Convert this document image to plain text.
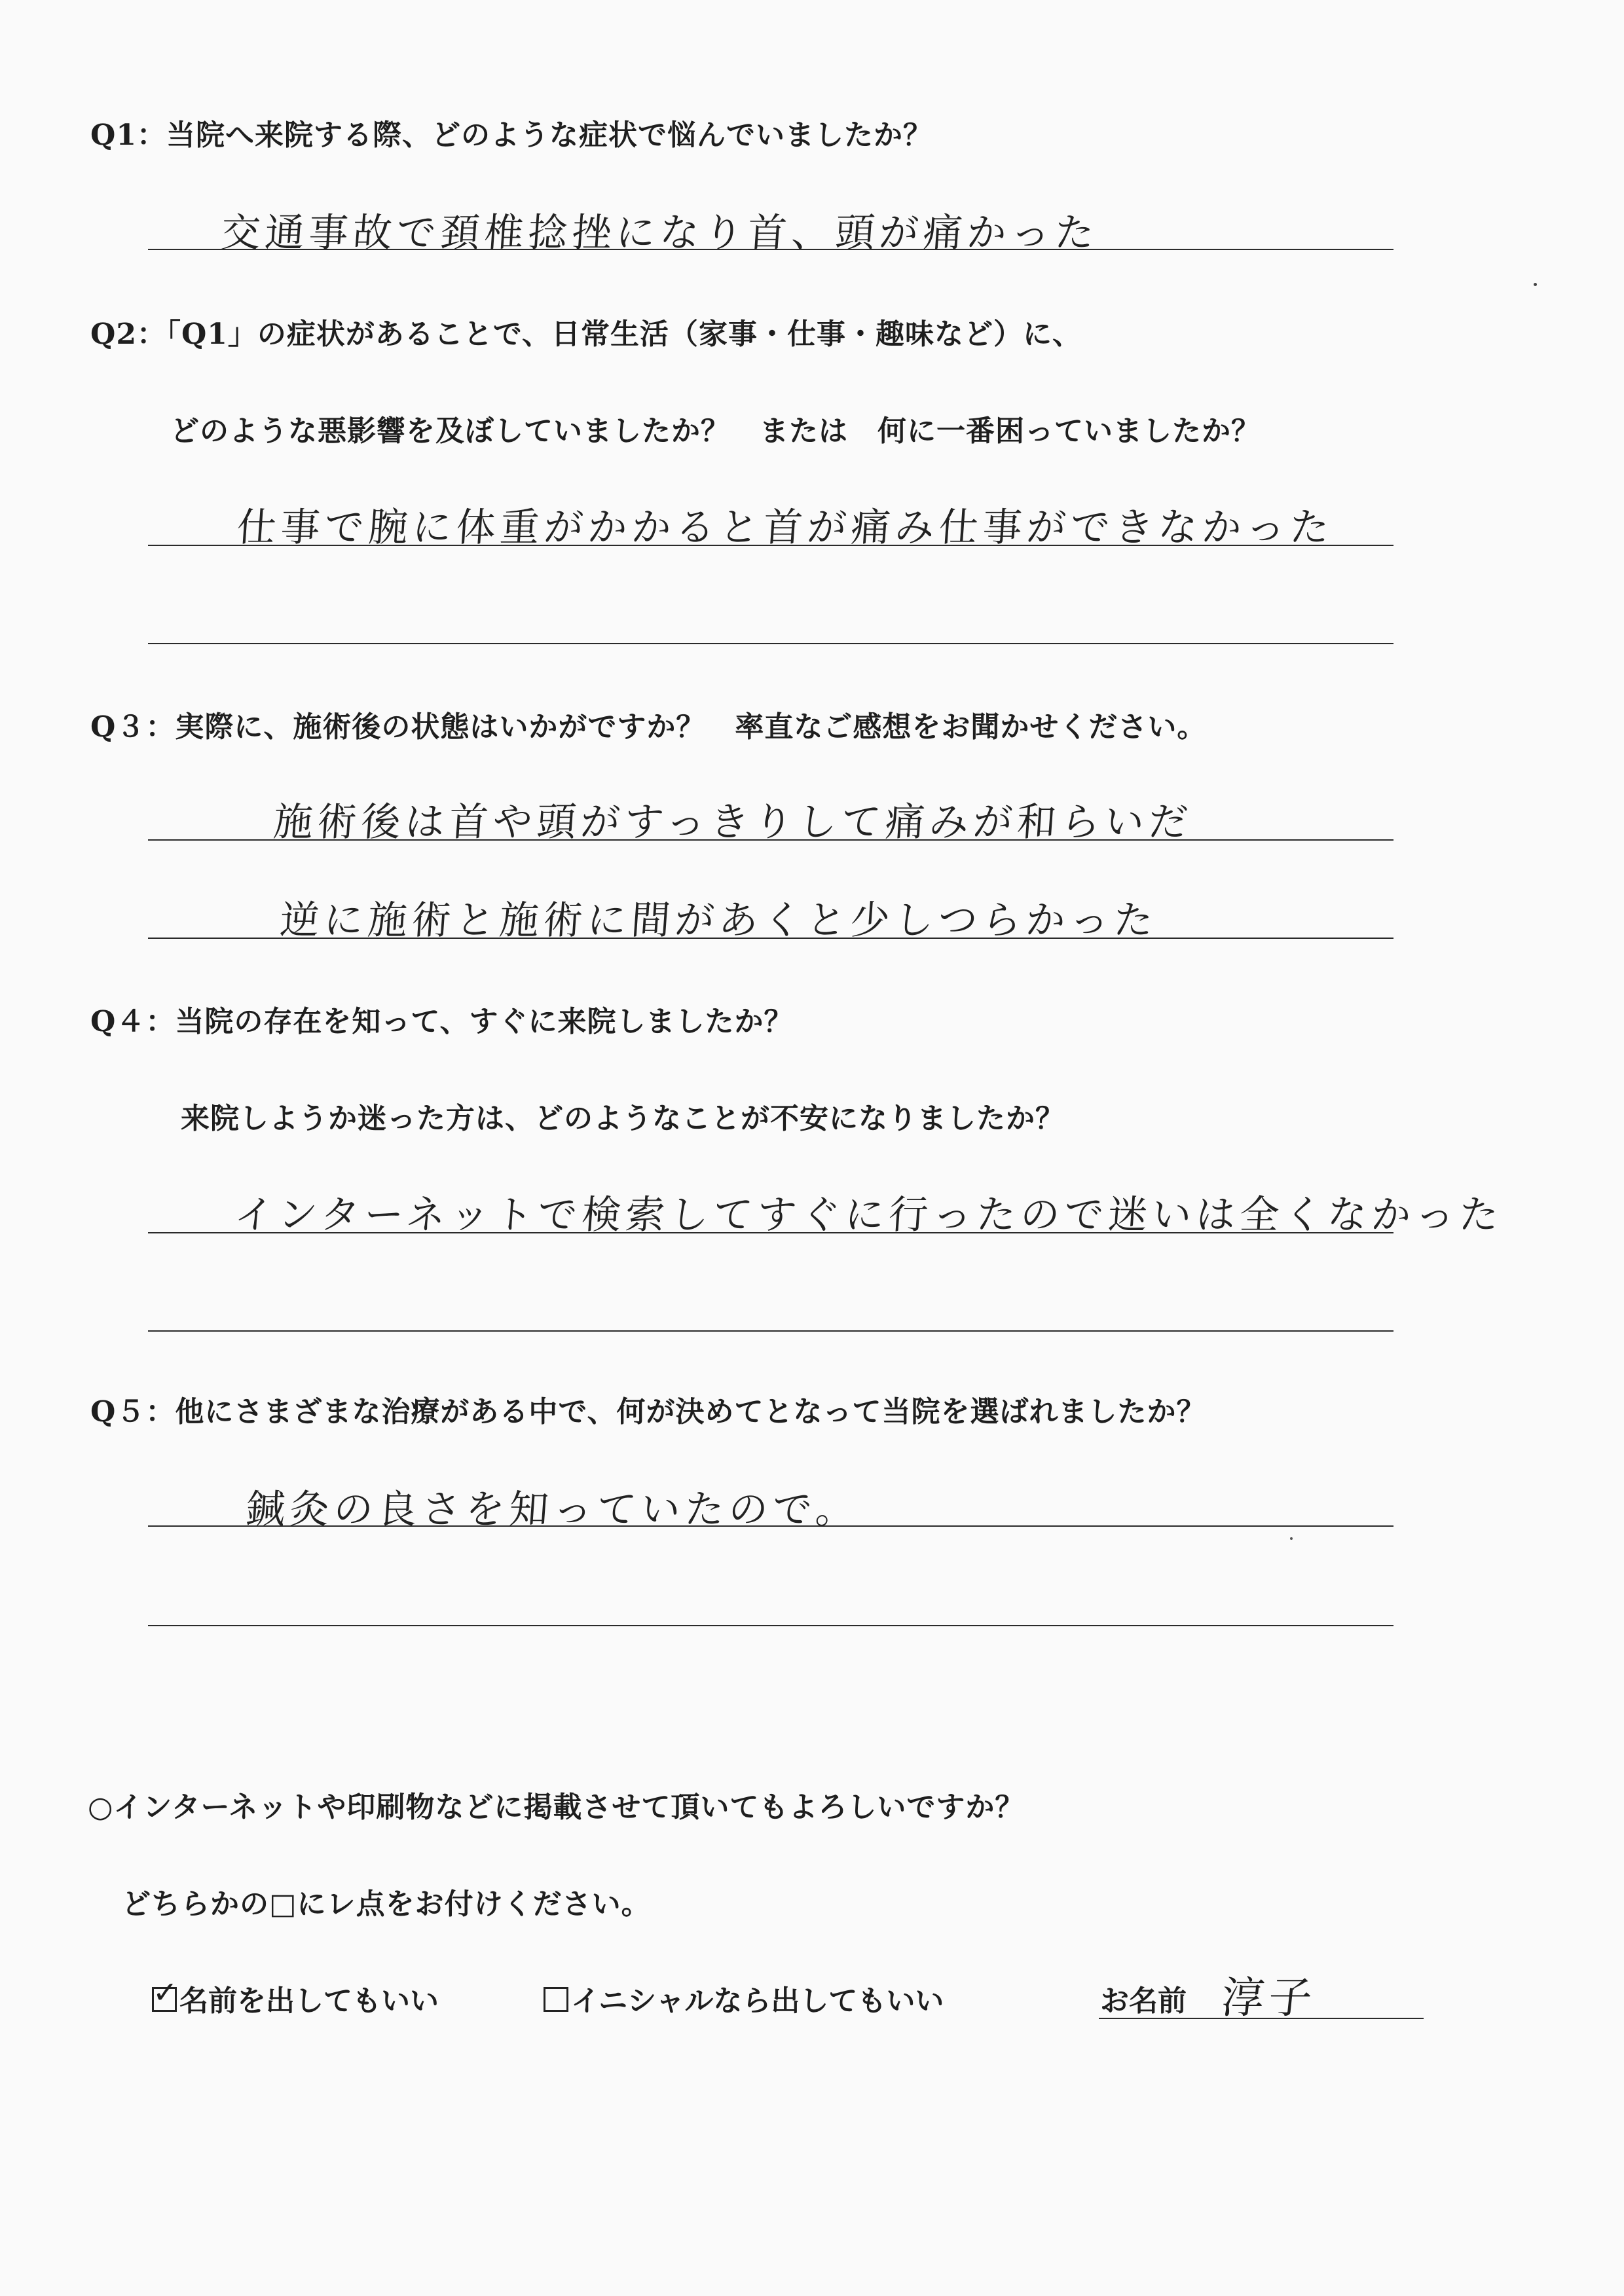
Q1：当院へ来院する際、どのような症状で悩んでいましたか？
交通事故で頚椎捻挫になり首、頭が痛かった
Q2：「Q1」の症状があることで、日常生活（家事・仕事・趣味など）に、
どのような悪影響を及ぼしていましたか？　または　何に一番困っていましたか？
仕事で腕に体重がかかると首が痛み仕事ができなかった
Q３：実際に、施術後の状態はいかがですか？　率直なご感想をお聞かせください。
施術後は首や頭がすっきりして痛みが和らいだ
逆に施術と施術に間があくと少しつらかった
Q４：当院の存在を知って、すぐに来院しましたか？
来院しようか迷った方は、どのようなことが不安になりましたか？
インターネットで検索してすぐに行ったので迷いは全くなかった
Q５：他にさまざまな治療がある中で、何が決めてとなって当院を選ばれましたか？
鍼灸の良さを知っていたので。
○インターネットや印刷物などに掲載させて頂いてもよろしいですか？
どちらかの□にレ点をお付けください。
✓ 名前を出してもいい	イニシャルなら出してもいい	お名前 淳子
